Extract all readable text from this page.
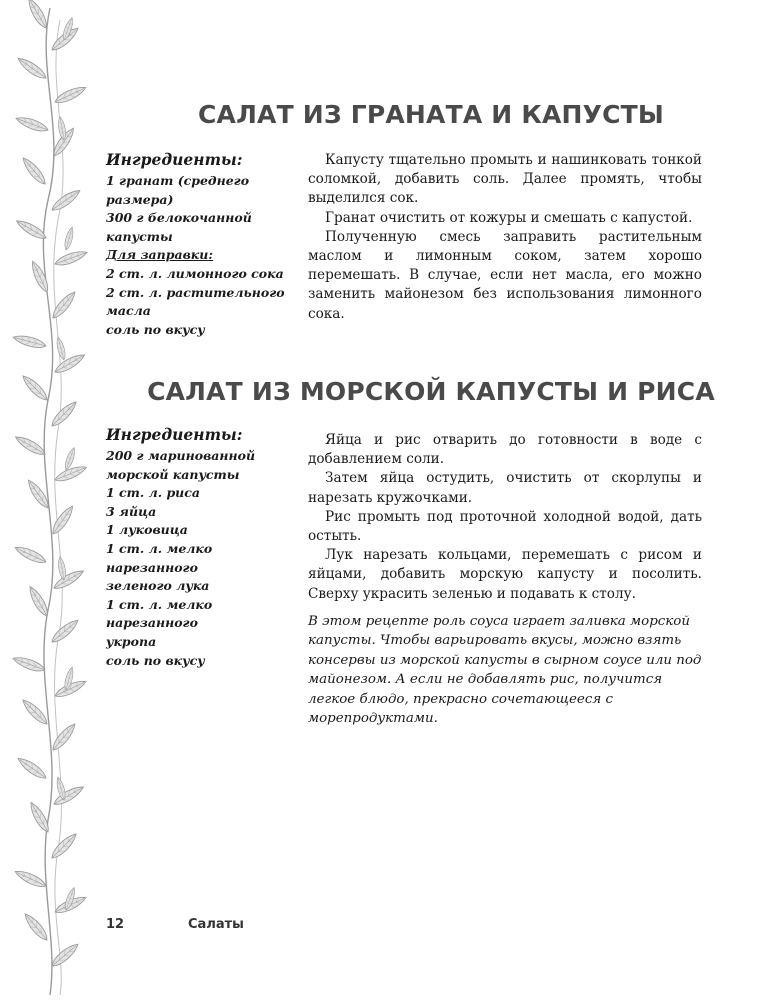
САЛАТ ИЗ ГРАНАТА И КАПУСТЫ
Ингредиенты:
1 гранат (среднего
размера)
300 г белокочанной
капусты
Для заправки:
2 ст. л. лимонного сока
2 ст. л. растительного
масла
соль по вкусу

Капусту тщательно промыть и нашинковать тонкой соломкой, добавить соль. Далее промять, чтобы выделился сок.

Гранат очистить от кожуры и смешать с капустой.

Полученную смесь заправить растительным маслом и лимонным соком, затем хорошо перемешать. В случае, если нет масла, его можно заменить майонезом без использования лимонного сока.

САЛАТ ИЗ МОРСКОЙ КАПУСТЫ И РИСА
Ингредиенты:
200 г маринованной
морской капусты
1 ст. л. риса
3 яйца
1 луковица
1 ст. л. мелко нарезанного
зеленого лука
1 ст. л. мелко нарезанного
укропа
соль по вкусу

Яйца и рис отварить до готовности в воде с добавлением соли.

Затем яйца остудить, очистить от скорлупы и нарезать кружочками.

Рис промыть под проточной холодной водой, дать остыть.

Лук нарезать кольцами, перемешать с рисом и яйцами, добавить морскую капусту и посолить. Сверху украсить зеленью и подавать к столу.

В этом рецепте роль соуса играет заливка морской капусты. Чтобы варьировать вкусы, можно взять консервы из морской капусты в сырном соусе или под майонезом. А если не добавлять рис, получится легкое блюдо, прекрасно сочетающееся с морепродуктами.

12	Салаты
